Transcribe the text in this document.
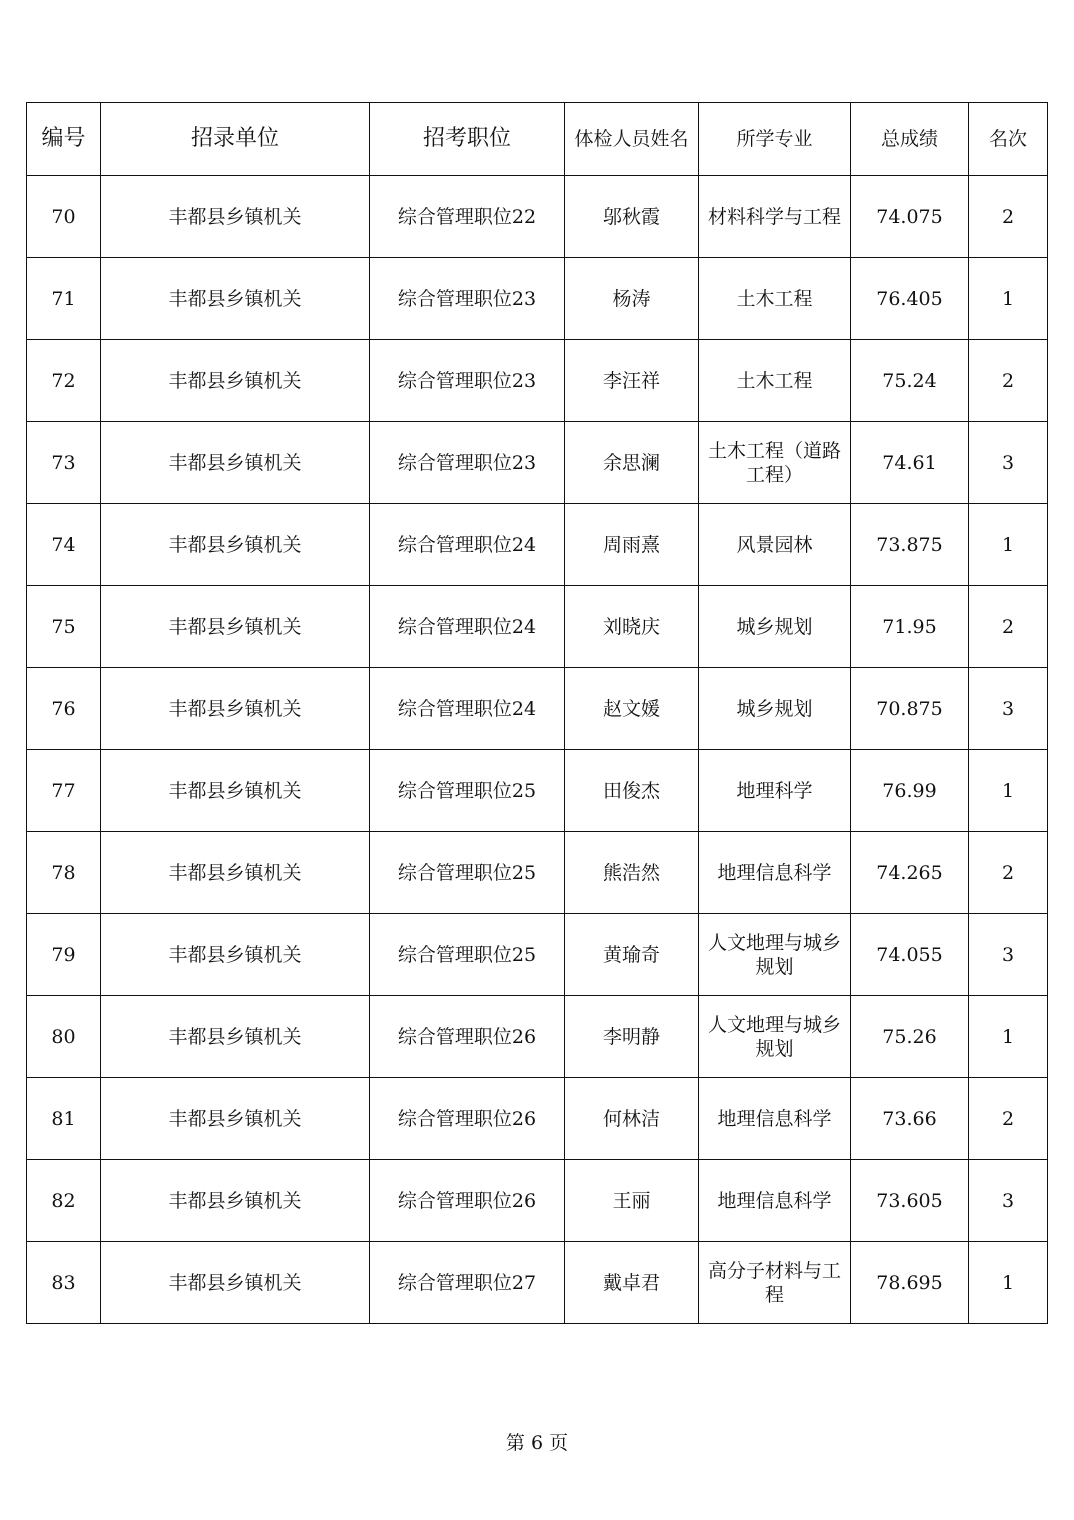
编号	招录单位	招考职位	体检人员姓名	所学专业	总成绩	名次
70	丰都县乡镇机关	综合管理职位22	邬秋霞	材料科学与工程	74.075	2
71	丰都县乡镇机关	综合管理职位23	杨涛	土木工程	76.405	1
72	丰都县乡镇机关	综合管理职位23	李汪祥	土木工程	75.24	2
73	丰都县乡镇机关	综合管理职位23	余思澜	土木工程（道路工程）	74.61	3
74	丰都县乡镇机关	综合管理职位24	周雨熹	风景园林	73.875	1
75	丰都县乡镇机关	综合管理职位24	刘晓庆	城乡规划	71.95	2
76	丰都县乡镇机关	综合管理职位24	赵文媛	城乡规划	70.875	3
77	丰都县乡镇机关	综合管理职位25	田俊杰	地理科学	76.99	1
78	丰都县乡镇机关	综合管理职位25	熊浩然	地理信息科学	74.265	2
79	丰都县乡镇机关	综合管理职位25	黄瑜奇	人文地理与城乡规划	74.055	3
80	丰都县乡镇机关	综合管理职位26	李明静	人文地理与城乡规划	75.26	1
81	丰都县乡镇机关	综合管理职位26	何林洁	地理信息科学	73.66	2
82	丰都县乡镇机关	综合管理职位26	王丽	地理信息科学	73.605	3
83	丰都县乡镇机关	综合管理职位27	戴卓君	高分子材料与工程	78.695	1
第 6 页
